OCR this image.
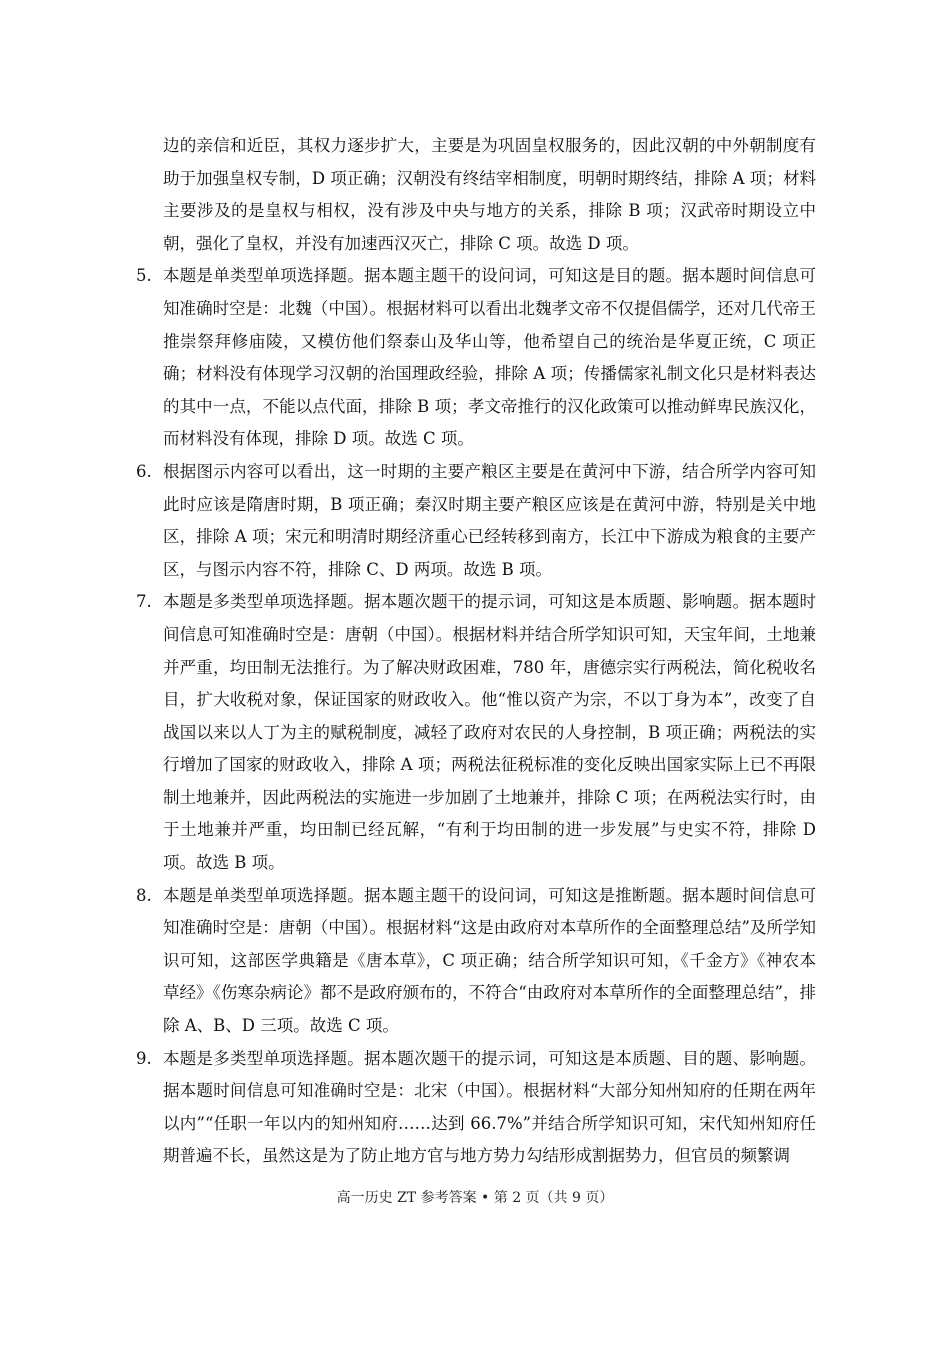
边的亲信和近臣，其权力逐步扩大，主要是为巩固皇权服务的，因此汉朝的中外朝制度有助于加强皇权专制，D 项正确；汉朝没有终结宰相制度，明朝时期终结，排除 A 项；材料主要涉及的是皇权与相权，没有涉及中央与地方的关系，排除 B 项；汉武帝时期设立中朝，强化了皇权，并没有加速西汉灭亡，排除 C 项。故选 D 项。

5. 本题是单类型单项选择题。据本题主题干的设问词，可知这是目的题。据本题时间信息可知准确时空是：北魏（中国）。根据材料可以看出北魏孝文帝不仅提倡儒学，还对几代帝王推崇祭拜修庙陵，又模仿他们祭泰山及华山等，他希望自己的统治是华夏正统，C 项正确；材料没有体现学习汉朝的治国理政经验，排除 A 项；传播儒家礼制文化只是材料表达的其中一点，不能以点代面，排除 B 项；孝文帝推行的汉化政策可以推动鲜卑民族汉化，而材料没有体现，排除 D 项。故选 C 项。
6. 根据图示内容可以看出，这一时期的主要产粮区主要是在黄河中下游，结合所学内容可知此时应该是隋唐时期，B 项正确；秦汉时期主要产粮区应该是在黄河中游，特别是关中地区，排除 A 项；宋元和明清时期经济重心已经转移到南方，长江中下游成为粮食的主要产区，与图示内容不符，排除 C、D 两项。故选 B 项。
7. 本题是多类型单项选择题。据本题次题干的提示词，可知这是本质题、影响题。据本题时间信息可知准确时空是：唐朝（中国）。根据材料并结合所学知识可知，天宝年间，土地兼并严重，均田制无法推行。为了解决财政困难，780 年，唐德宗实行两税法，简化税收名目，扩大收税对象，保证国家的财政收入。他“惟以资产为宗，不以丁身为本”，改变了自战国以来以人丁为主的赋税制度，减轻了政府对农民的人身控制，B 项正确；两税法的实行增加了国家的财政收入，排除 A 项；两税法征税标准的变化反映出国家实际上已不再限制土地兼并，因此两税法的实施进一步加剧了土地兼并，排除 C 项；在两税法实行时，由于土地兼并严重，均田制已经瓦解，“有利于均田制的进一步发展”与史实不符，排除 D 项。故选 B 项。
8. 本题是单类型单项选择题。据本题主题干的设问词，可知这是推断题。据本题时间信息可知准确时空是：唐朝（中国）。根据材料“这是由政府对本草所作的全面整理总结”及所学知识可知，这部医学典籍是《唐本草》，C 项正确；结合所学知识可知，《千金方》《神农本草经》《伤寒杂病论》都不是政府颁布的，不符合“由政府对本草所作的全面整理总结”，排除 A、B、D 三项。故选 C 项。
9. 本题是多类型单项选择题。据本题次题干的提示词，可知这是本质题、目的题、影响题。据本题时间信息可知准确时空是：北宋（中国）。根据材料“大部分知州知府的任期在两年以内”“任职一年以内的知州知府……达到 66.7%”并结合所学知识可知，宋代知州知府任期普遍不长，虽然这是为了防止地方官与地方势力勾结形成割据势力，但官员的频繁调
高一历史 ZT 参考答案 • 第 2 页（共 9 页）
